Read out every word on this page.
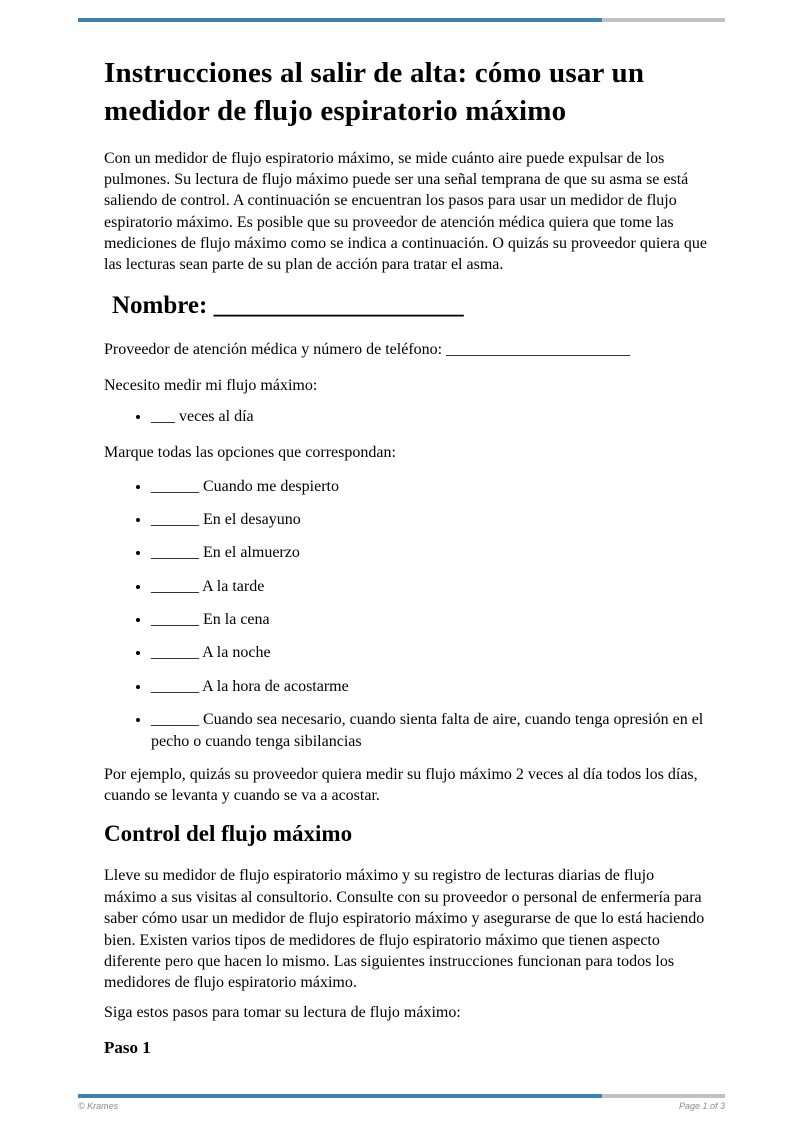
Instrucciones al salir de alta: cómo usar un medidor de flujo espiratorio máximo

Con un medidor de flujo espiratorio máximo, se mide cuánto aire puede expulsar de los pulmones. Su lectura de flujo máximo puede ser una señal temprana de que su asma se está saliendo de control. A continuación se encuentran los pasos para usar un medidor de flujo espiratorio máximo. Es posible que su proveedor de atención médica quiera que tome las mediciones de flujo máximo como se indica a continuación. O quizás su proveedor quiera que las lecturas sean parte de su plan de acción para tratar el asma.

Nombre: ____________________

Proveedor de atención médica y número de teléfono: _______________________

Necesito medir mi flujo máximo:

• ___ veces al día

Marque todas las opciones que correspondan:

• ______ Cuando me despierto
• ______ En el desayuno
• ______ En el almuerzo
• ______ A la tarde
• ______ En la cena
• ______ A la noche
• ______ A la hora de acostarme
• ______ Cuando sea necesario, cuando sienta falta de aire, cuando tenga opresión en el pecho o cuando tenga sibilancias

Por ejemplo, quizás su proveedor quiera medir su flujo máximo 2 veces al día todos los días, cuando se levanta y cuando se va a acostar.

Control del flujo máximo

Lleve su medidor de flujo espiratorio máximo y su registro de lecturas diarias de flujo máximo a sus visitas al consultorio. Consulte con su proveedor o personal de enfermería para saber cómo usar un medidor de flujo espiratorio máximo y asegurarse de que lo está haciendo bien. Existen varios tipos de medidores de flujo espiratorio máximo que tienen aspecto diferente pero que hacen lo mismo. Las siguientes instrucciones funcionan para todos los medidores de flujo espiratorio máximo.

Siga estos pasos para tomar su lectura de flujo máximo:

Paso 1
© Krames	Page 1 of 3
